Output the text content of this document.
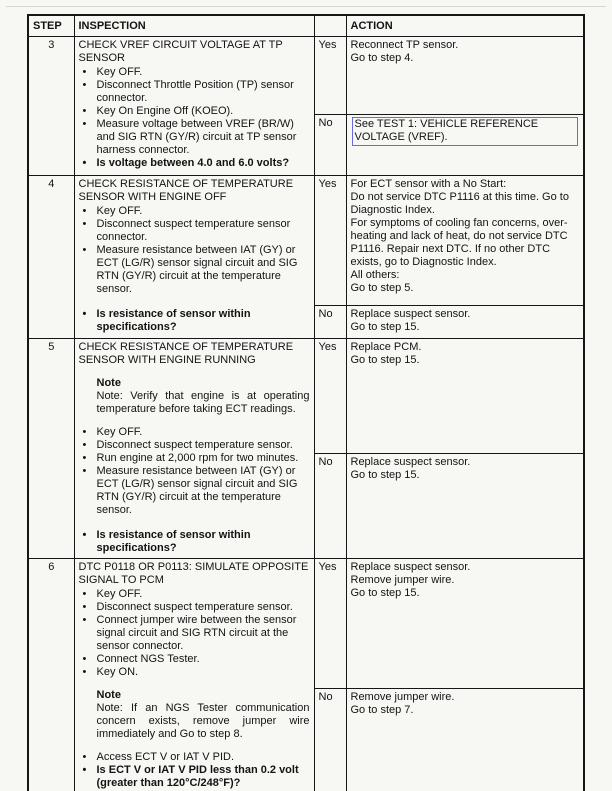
STEP	INSPECTION		ACTION
3	CHECK VREF CIRCUIT VOLTAGE AT TP SENSOR
• Key OFF.
• Disconnect Throttle Position (TP) sensor connector.
• Key On Engine Off (KOEO).
• Measure voltage between VREF (BR/W) and SIG RTN (GY/R) circuit at TP sensor harness connector.
• Is voltage between 4.0 and 6.0 volts?
	Yes	Reconnect TP sensor.
Go to step 4.

		No	See TEST 1: VEHICLE REFERENCE VOLTAGE (VREF).

4	CHECK RESISTANCE OF TEMPERATURE SENSOR WITH ENGINE OFF
• Key OFF.
• Disconnect suspect temperature sensor connector.
• Measure resistance between IAT (GY) or ECT (LG/R) sensor signal circuit and SIG RTN (GY/R) circuit at the temperature sensor.
• Is resistance of sensor within specifications?
	Yes	For ECT sensor with a No Start:
Do not service DTC P1116 at this time. Go to Diagnostic Index.
For symptoms of cooling fan concerns, over-heating and lack of heat, do not service DTC P1116. Repair next DTC. If no other DTC exists, go to Diagnostic Index.
All others:
Go to step 5.

		No	Replace suspect sensor.
Go to step 15.

5	CHECK RESISTANCE OF TEMPERATURE SENSOR WITH ENGINE RUNNING
Note
Note: Verify that engine is at operating temperature before taking ECT readings.
• Key OFF.
• Disconnect suspect temperature sensor.
• Run engine at 2,000 rpm for two minutes.
• Measure resistance between IAT (GY) or ECT (LG/R) sensor signal circuit and SIG RTN (GY/R) circuit at the temperature sensor.
• Is resistance of sensor within specifications?
	Yes	Replace PCM.
Go to step 15.

		No	Replace suspect sensor.
Go to step 15.

6	DTC P0118 OR P0113: SIMULATE OPPOSITE SIGNAL TO PCM
• Key OFF.
• Disconnect suspect temperature sensor.
• Connect jumper wire between the sensor signal circuit and SIG RTN circuit at the sensor connector.
• Connect NGS Tester.
• Key ON.
Note
Note: If an NGS Tester communication concern exists, remove jumper wire immediately and Go to step 8.
• Access ECT V or IAT V PID.
• Is ECT V or IAT V PID less than 0.2 volt (greater than 120°C/248°F)?
	Yes	Replace suspect sensor.
Remove jumper wire.
Go to step 15.

		No	Remove jumper wire.
Go to step 7.
